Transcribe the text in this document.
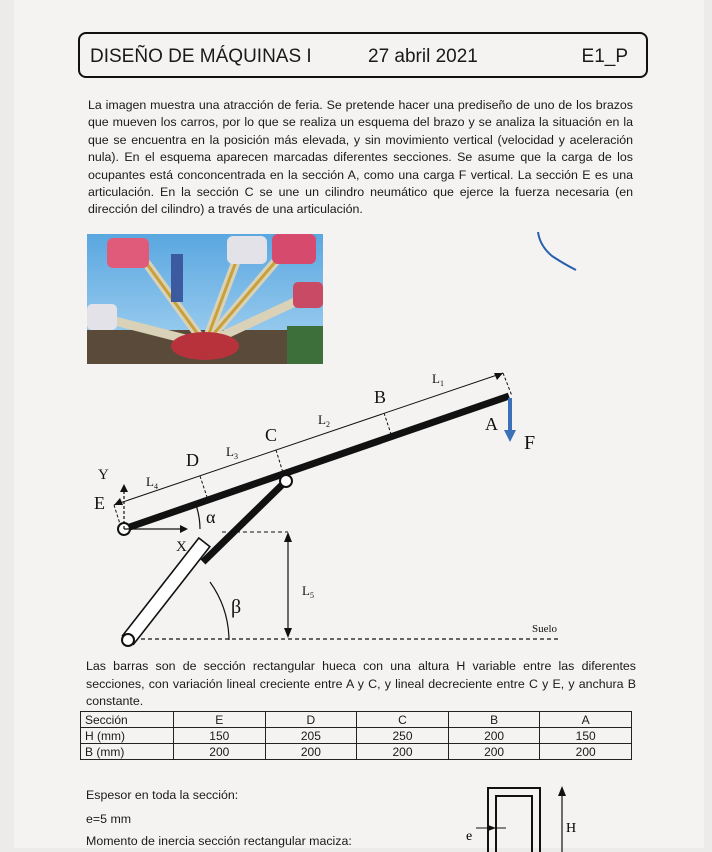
DISEÑO DE MÁQUINAS I	27 abril 2021	E1_P

La imagen muestra una atracción de feria. Se pretende hacer una prediseño de uno de los brazos que mueven los carros, por lo que se realiza un esquema del brazo y se analiza la situación en la que se encuentra en la posición más elevada, y sin movimiento vertical (velocidad y aceleración nula). En el esquema aparecen marcadas diferentes secciones. Se asume que la carga de los ocupantes está conconcentrada en la sección A, como una carga F vertical. La sección E es una articulación. En la sección C se une un cilindro neumático que ejerce la fuerza necesaria (en dirección del cilindro) a través de una articulación.

A
B
C
D
E
F
X
Y
α
β
$L_1$
$L_2$
$L_3$
$L_4$
$L_5$
Suelo

Las barras son de sección rectangular hueca con una altura H variable entre las diferentes secciones, con variación lineal creciente entre A y C, y lineal decreciente entre C y E, y anchura B constante.

Sección	E	D	C	B	A
H (mm)	150	205	250	200	150
B (mm)	200	200	200	200	200
Espesor en toda la sección:
e=5 mm
Momento de inercia sección rectangular maciza:
H
e
